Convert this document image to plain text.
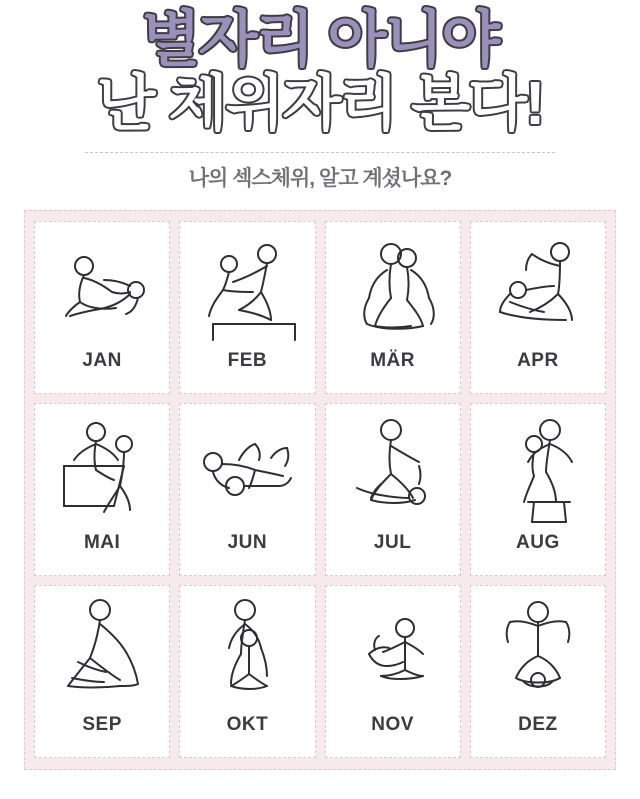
별자리 아니야
난 체위자리 본다!
나의 섹스체위, 알고 계셨나요?
JAN	FEB	MÄR	APR
MAI	JUN	JUL	AUG
SEP	OKT	NOV	DEZ
